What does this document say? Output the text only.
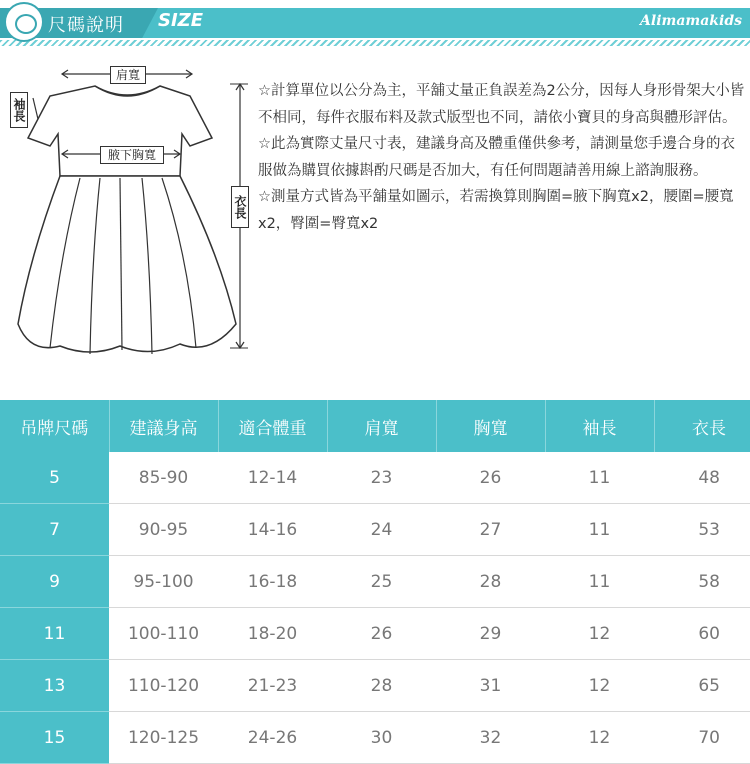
尺碼說明 SIZE	Alimamakids
肩寬
腋下胸寬
袖長
衣長

☆計算單位以公分為主，平舖丈量正負誤差為2公分，因每人身形骨架大小皆不相同，每件衣服布料及款式版型也不同，請依小寶貝的身高與體形評估。

☆此為實際丈量尺寸表，建議身高及體重僅供參考，請測量您手邊合身的衣服做為購買依據斟酌尺碼是否加大，有任何問題請善用線上諮詢服務。

☆測量方式皆為平舖量如圖示，若需換算則胸圍=腋下胸寬x2，腰圍=腰寬x2，臀圍=臀寬x2

吊牌尺碼	建議身高	適合體重	肩寬	胸寬	袖長	衣長
5	85-90	12-14	23	26	11	48
7	90-95	14-16	24	27	11	53
9	95-100	16-18	25	28	11	58
11	100-110	18-20	26	29	12	60
13	110-120	21-23	28	31	12	65
15	120-125	24-26	30	32	12	70
